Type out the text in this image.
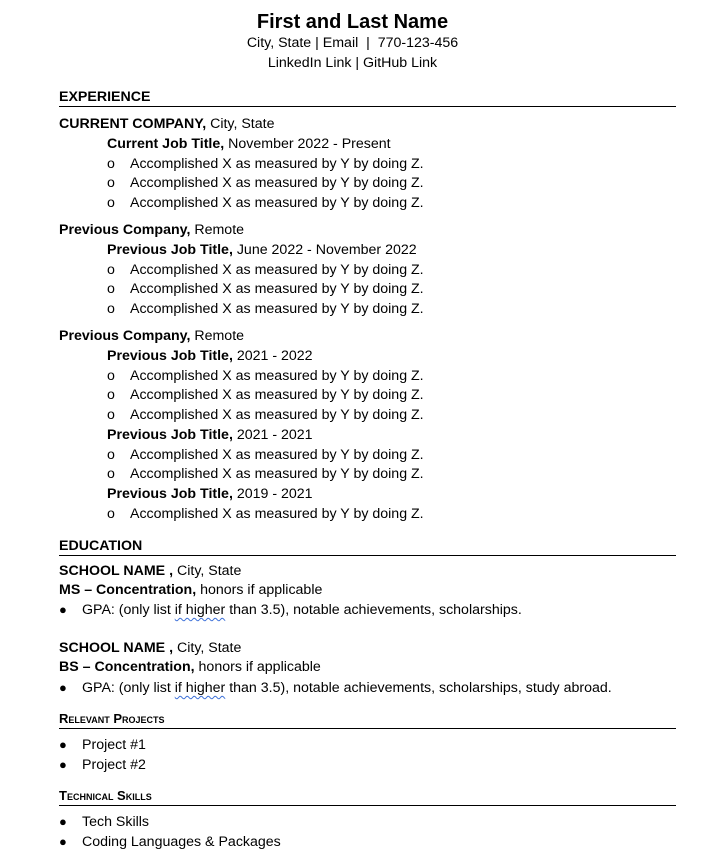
First and Last Name
City, State | Email  |  770-123-456
LinkedIn Link | GitHub Link
EXPERIENCE
CURRENT COMPANY, City, State
Current Job Title, November 2022 - Present
o Accomplished X as measured by Y by doing Z.
o Accomplished X as measured by Y by doing Z.
o Accomplished X as measured by Y by doing Z.
Previous Company, Remote
Previous Job Title, June 2022 - November 2022
o Accomplished X as measured by Y by doing Z.
o Accomplished X as measured by Y by doing Z.
o Accomplished X as measured by Y by doing Z.
Previous Company, Remote
Previous Job Title, 2021 - 2022
o Accomplished X as measured by Y by doing Z.
o Accomplished X as measured by Y by doing Z.
o Accomplished X as measured by Y by doing Z.
Previous Job Title, 2021 - 2021
o Accomplished X as measured by Y by doing Z.
o Accomplished X as measured by Y by doing Z.
Previous Job Title, 2019 - 2021
o Accomplished X as measured by Y by doing Z.
EDUCATION
SCHOOL NAME , City, State
MS – Concentration, honors if applicable
● GPA: (only list if higher than 3.5), notable achievements, scholarships.
SCHOOL NAME , City, State
BS – Concentration, honors if applicable
● GPA: (only list if higher than 3.5), notable achievements, scholarships, study abroad.
Relevant Projects
● Project #1
● Project #2
Technical Skills
● Tech Skills
● Coding Languages & Packages
